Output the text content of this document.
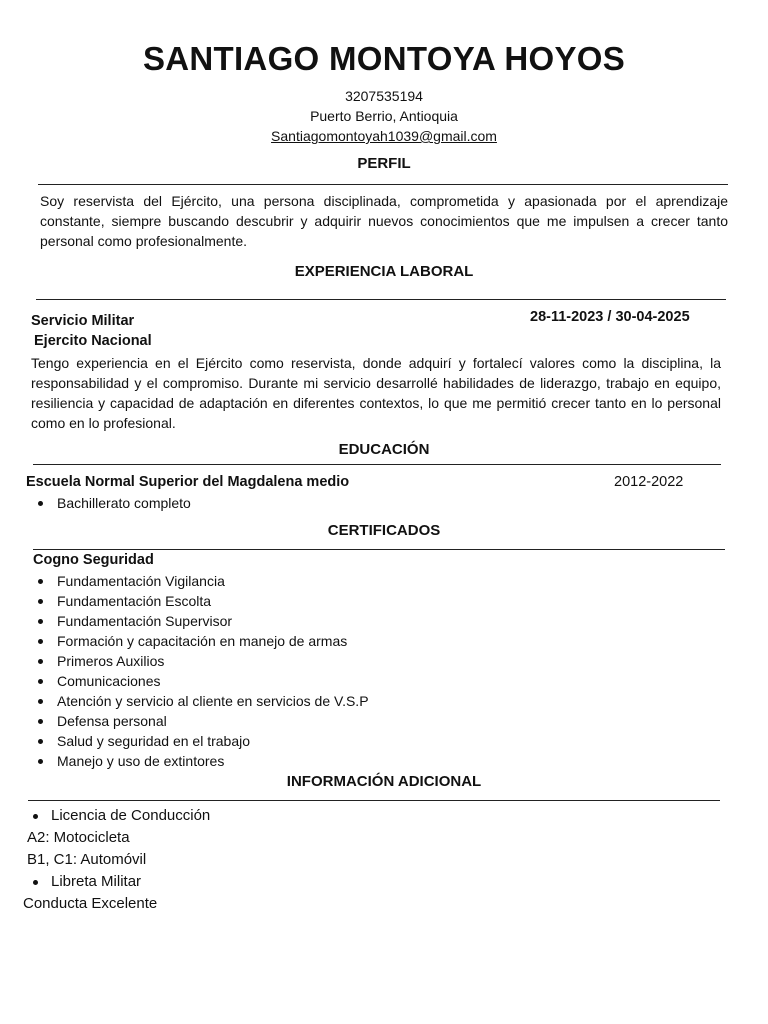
SANTIAGO MONTOYA HOYOS
3207535194
Puerto Berrio, Antioquia
Santiagomontoyah1039@gmail.com
PERFIL
Soy reservista del Ejército, una persona disciplinada, comprometida y apasionada por el aprendizaje constante, siempre buscando descubrir y adquirir nuevos conocimientos que me impulsen a crecer tanto personal como profesionalmente.
EXPERIENCIA LABORAL
Servicio Militar	28-11-2023 / 30-04-2025
Ejercito Nacional
Tengo experiencia en el Ejército como reservista, donde adquirí y fortalecí valores como la disciplina, la responsabilidad y el compromiso. Durante mi servicio desarrollé habilidades de liderazgo, trabajo en equipo, resiliencia y capacidad de adaptación en diferentes contextos, lo que me permitió crecer tanto en lo personal como en lo profesional.
EDUCACIÓN
Escuela Normal Superior del Magdalena medio	2012-2022
Bachillerato completo
CERTIFICADOS
Cogno Seguridad
Fundamentación Vigilancia
Fundamentación Escolta
Fundamentación Supervisor
Formación y capacitación en manejo de armas
Primeros Auxilios
Comunicaciones
Atención y servicio al cliente en servicios de V.S.P
Defensa personal
Salud y seguridad en el trabajo
Manejo y uso de extintores
INFORMACIÓN ADICIONAL
Licencia de Conducción
A2: Motocicleta
B1, C1: Automóvil
Libreta Militar
Conducta Excelente
